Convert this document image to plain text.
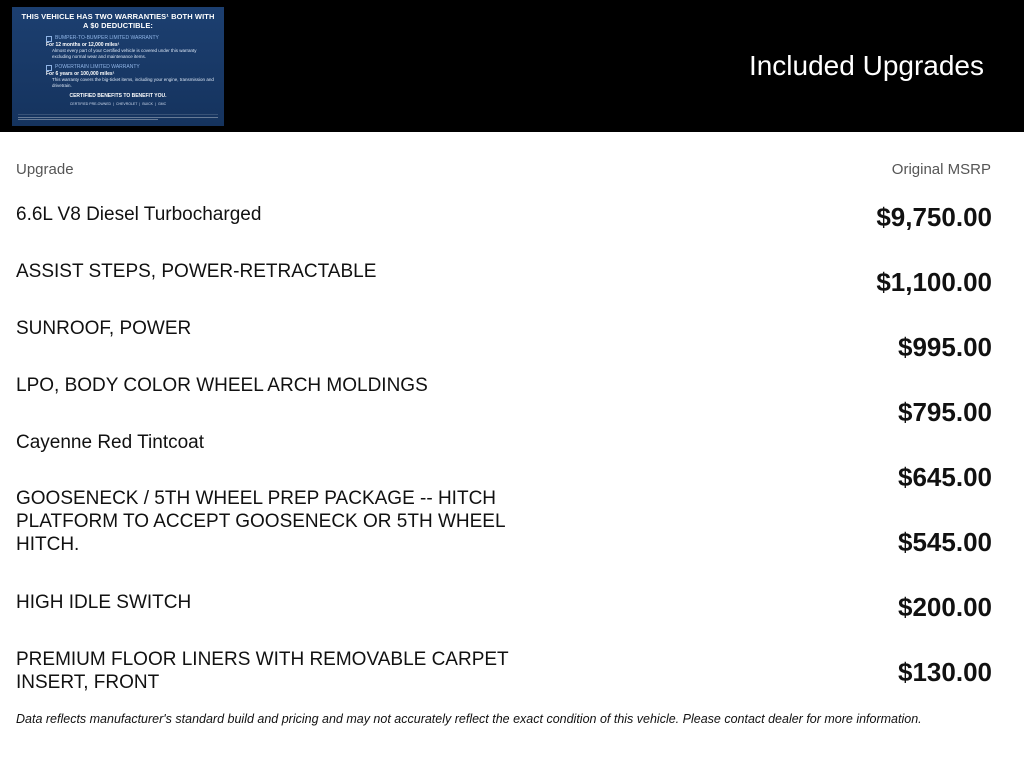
THIS VEHICLE HAS TWO WARRANTIES¹ BOTH WITH A $0 DEDUCTIBLE:
BUMPER-TO-BUMPER LIMITED WARRANTY
For 12 months or 12,000 miles¹
Almost every part of your Certified vehicle is covered under this warranty excluding normal wear and maintenance items.
POWERTRAIN LIMITED WARRANTY
For 6 years or 100,000 miles¹
This warranty covers the big-ticket items, including your engine, transmission and drivetrain.
CERTIFIED BENEFITS TO BENEFIT YOU.
CERTIFIED PRE-OWNED | CHEVROLET | BUICK | GMC
Included Upgrades
Upgrade	Original MSRP
6.6L V8 Diesel Turbocharged
ASSIST STEPS, POWER-RETRACTABLE
SUNROOF, POWER
LPO, BODY COLOR WHEEL ARCH MOLDINGS
Cayenne Red Tintcoat
GOOSENECK / 5TH WHEEL PREP PACKAGE -- HITCH PLATFORM TO ACCEPT GOOSENECK OR 5TH WHEEL HITCH.
HIGH IDLE SWITCH
PREMIUM FLOOR LINERS WITH REMOVABLE CARPET INSERT, FRONT
$9,750.00
$1,100.00
$995.00
$795.00
$645.00
$545.00
$200.00
$130.00
Data reflects manufacturer's standard build and pricing and may not accurately reflect the exact condition of this vehicle. Please contact dealer for more information.
